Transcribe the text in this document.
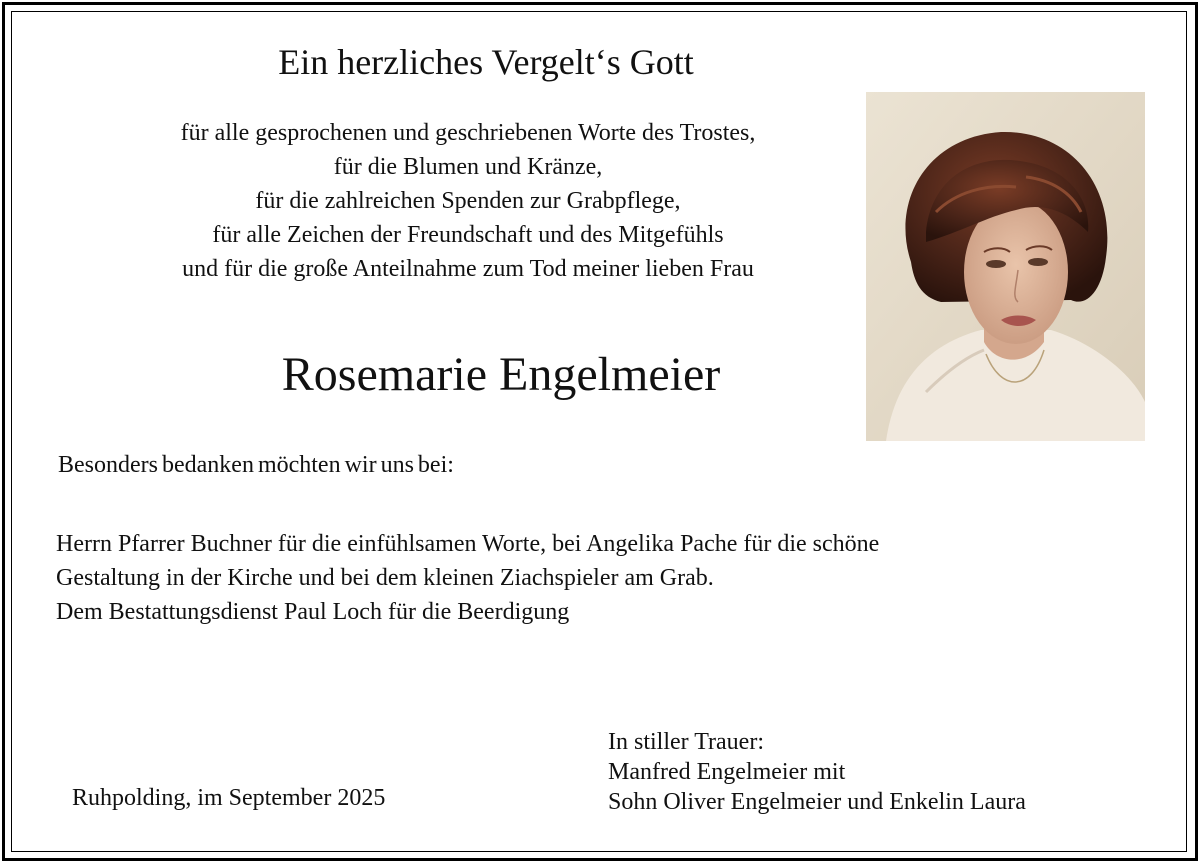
Ein herzliches Vergelt‘s Gott
für alle gesprochenen und geschriebenen Worte des Trostes,
für die Blumen und Kränze,
für die zahlreichen Spenden zur Grabpflege,
für alle Zeichen der Freundschaft und des Mitgefühls
und für die große Anteilnahme zum Tod meiner lieben Frau
Rosemarie Engelmeier

Besonders bedanken möchten wir uns bei:

Herrn Pfarrer Buchner für die einfühlsamen Worte, bei Angelika Pache für die schöne
Gestaltung in der Kirche und bei dem kleinen Ziachspieler am Grab.
Dem Bestattungsdienst Paul Loch für die Beerdigung

Ruhpolding, im September 2025

In stiller Trauer:
Manfred Engelmeier mit
Sohn Oliver Engelmeier und Enkelin Laura
